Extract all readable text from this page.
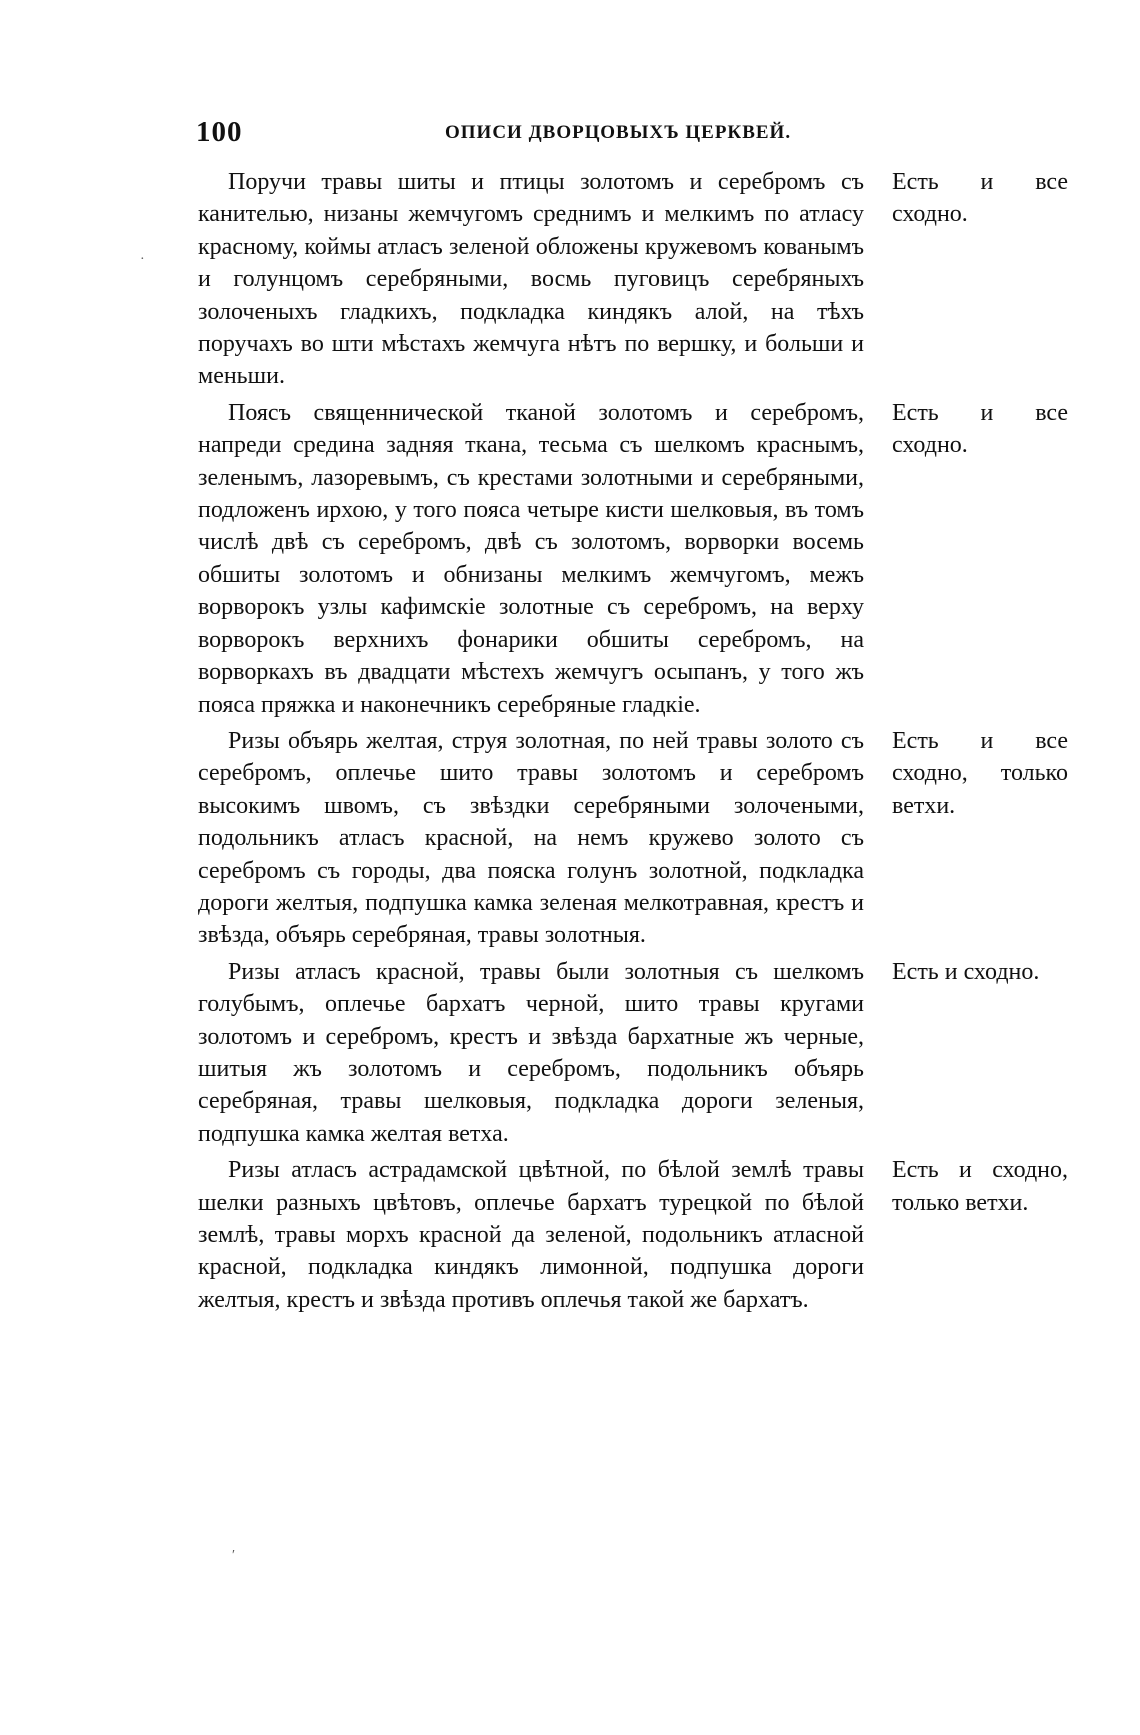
100	ОПИСИ ДВОРЦОВЫХЪ ЦЕРКВЕЙ.
Поручи травы шиты и птицы золотомъ и серебромъ съ канителью, низаны жемчугомъ среднимъ и мелкимъ по атласу красному, коймы атласъ зеленой обложены кружевомъ кованымъ и голунцомъ серебряными, восмь пуговицъ серебряныхъ золоченыхъ гладкихъ, подкладка киндякъ алой, на тѣхъ поручахъ во шти мѣстахъ жемчуга нѣтъ по вершку, и больши и меньши.
Есть и все сходно.
Поясъ священнической тканой золотомъ и серебромъ, напреди средина задняя ткана, тесьма съ шелкомъ краснымъ, зеленымъ, лазоревымъ, съ крестами золотными и серебряными, подложенъ ирхою, у того пояса четыре кисти шелковыя, въ томъ числѣ двѣ съ серебромъ, двѣ съ золотомъ, ворворки восемь обшиты золотомъ и обнизаны мелкимъ жемчугомъ, межъ ворворокъ узлы кафимскіе золотные съ серебромъ, на верху ворворокъ верхнихъ фонарики обшиты серебромъ, на ворворкахъ въ двадцати мѣстехъ жемчугъ осыпанъ, у того жъ пояса пряжка и наконечникъ серебряные гладкіе.
Есть и все сходно.
Ризы объярь желтая, струя золотная, по ней травы золото съ серебромъ, оплечье шито травы золотомъ и серебромъ высокимъ швомъ, съ звѣздки серебряными золочеными, подольникъ атласъ красной, на немъ кружево золото съ серебромъ съ городы, два пояска голунъ золотной, подкладка дороги желтыя, подпушка камка зеленая мелкотравная, крестъ и звѣзда, объярь серебряная, травы золотныя.
Есть и все сходно, только ветхи.
Ризы атласъ красной, травы были золотныя съ шелкомъ голубымъ, оплечье бархатъ черной, шито травы кругами золотомъ и серебромъ, крестъ и звѣзда бархатные жъ черные, шитыя жъ золотомъ и серебромъ, подольникъ объярь серебряная, травы шелковыя, подкладка дороги зеленыя, подпушка камка желтая ветха.
Есть и сходно.
Ризы атласъ астрадамской цвѣтной, по бѣлой землѣ травы шелки разныхъ цвѣтовъ, оплечье бархатъ турецкой по бѣлой землѣ, травы морхъ красной да зеленой, подольникъ атласной красной, подкладка киндякъ лимонной, подпушка дороги желтыя, крестъ и звѣзда противъ оплечья такой же бархатъ.
Есть и сходно, только ветхи.
·
′
